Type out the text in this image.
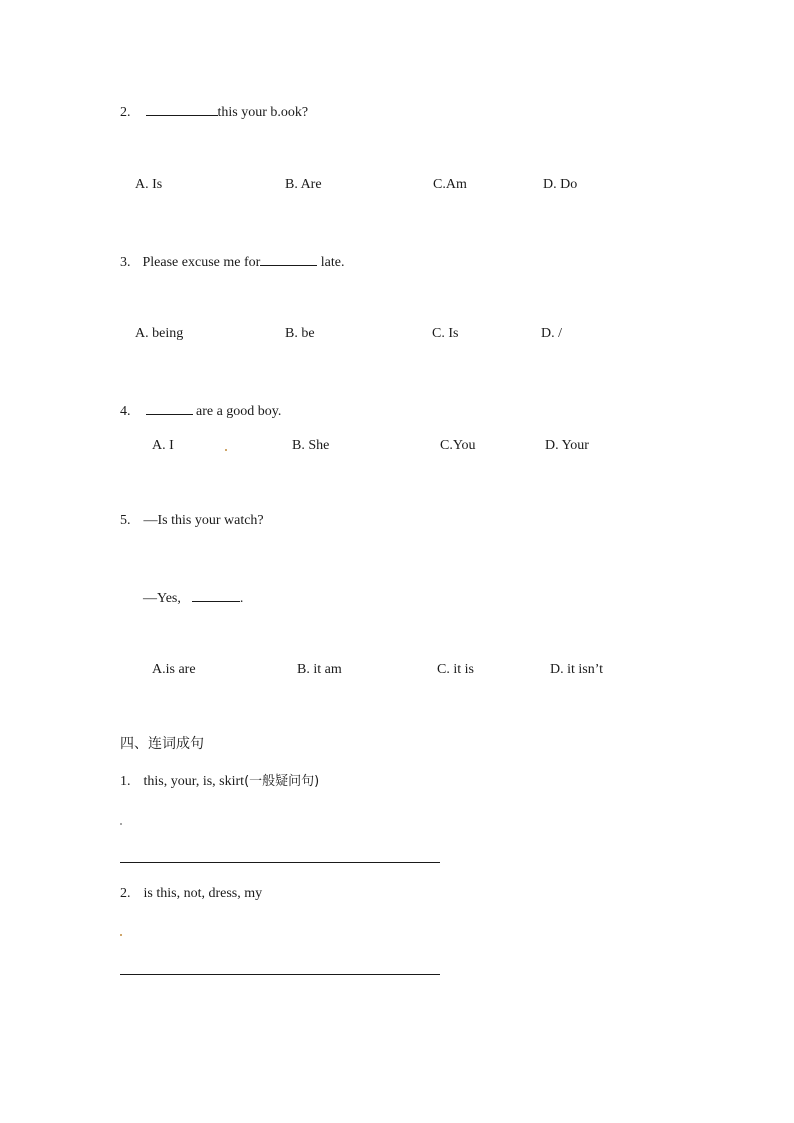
2.	this your b​.ook?
A. Is	B. Are	C.Am	D. Do
3. Please excuse me for	late.
A. being	B. be	C. Is	D. /
4.	are a good boy.
A. I	B. She	C.You	D. Your
5. —Is this your watch?
—Yes,	.
A.is are	B. it am	C. it is	D. it isn’t
四、连词成句
1. this, your, is, skirt(一般疑问句)
2. is this, not, dress, my
